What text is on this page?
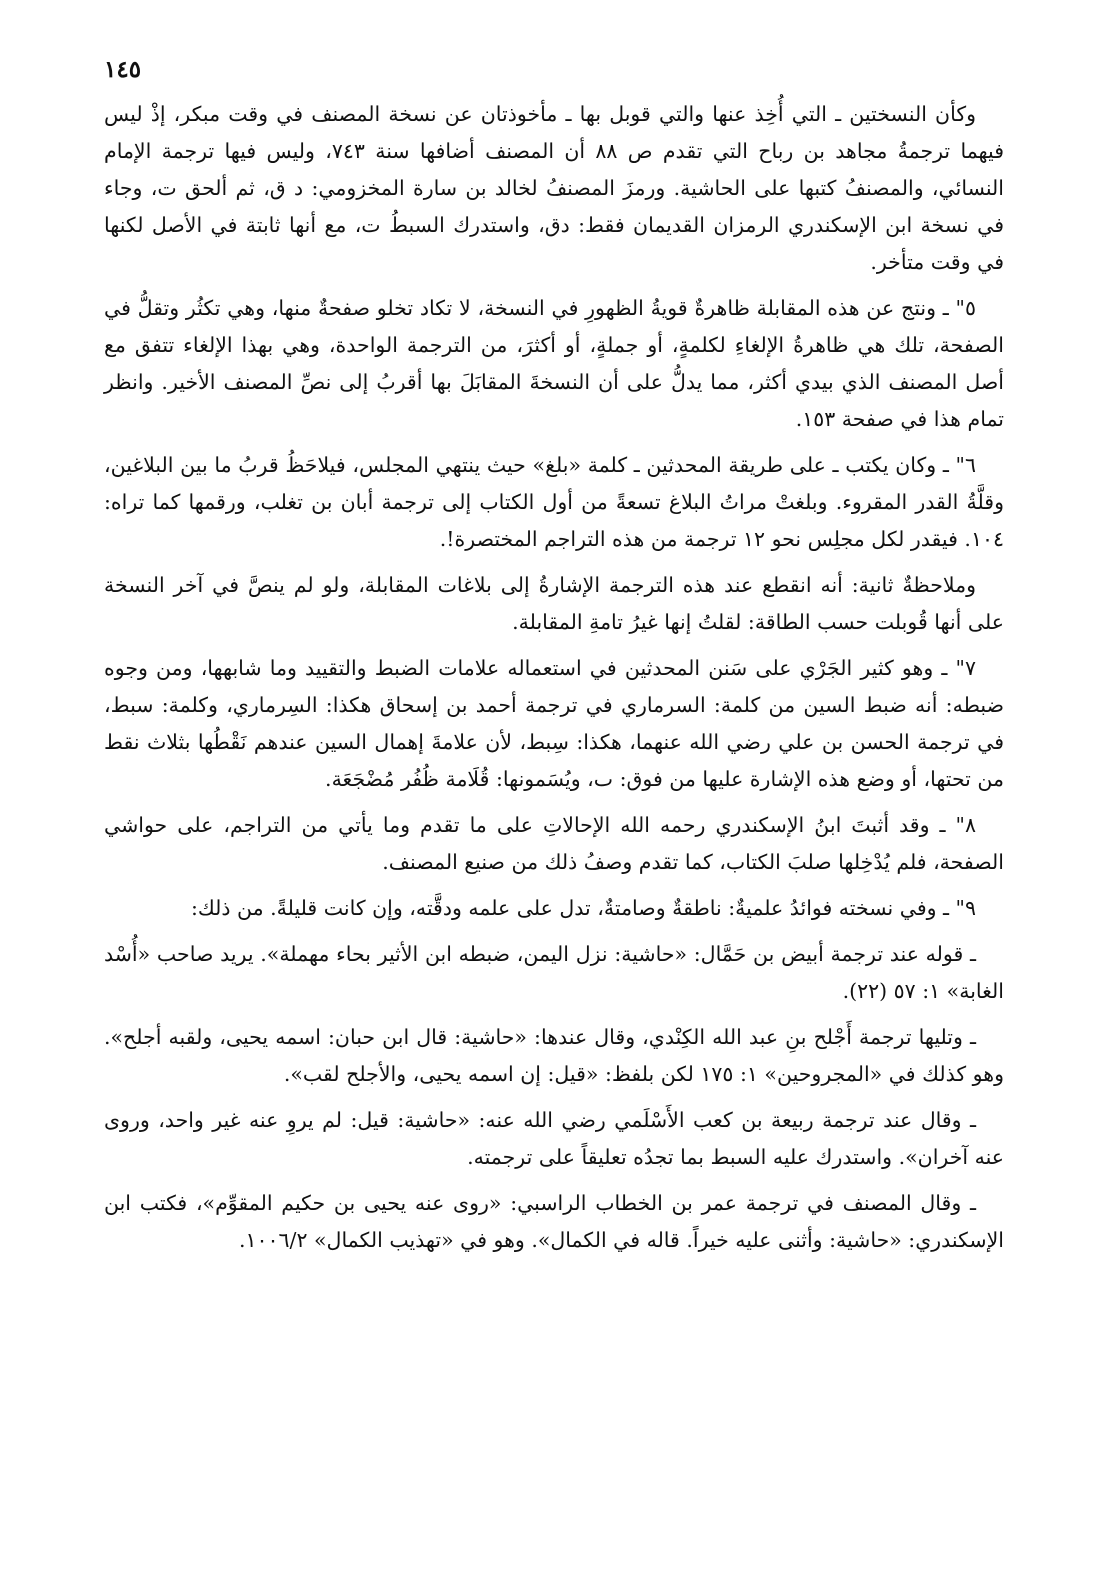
١٤٥

وكأن النسختين ـ التي أُخِذ عنها والتي قوبل بها ـ مأخوذتان عن نسخة المصنف في وقت مبكر، إذْ ليس فيهما ترجمةُ مجاهد بن رباح التي تقدم ص ٨٨ أن المصنف أضافها سنة ٧٤٣، وليس فيها ترجمة الإمام النسائي، والمصنفُ كتبها على الحاشية. ورمزَ المصنفُ لخالد بن سارة المخزومي: د ق، ثم ألحق ت، وجاء في نسخة ابن الإسكندري الرمزان القديمان فقط: دق، واستدرك السبطُ ت، مع أنها ثابتة في الأصل لكنها في وقت متأخر.

٥" ـ ونتج عن هذه المقابلة ظاهرةٌ قويةُ الظهورِ في النسخة، لا تكاد تخلو صفحةٌ منها، وهي تكثُر وتقلُّ في الصفحة، تلك هي ظاهرةُ الإلغاءِ لكلمةٍ، أو جملةٍ، أو أكثرَ، من الترجمة الواحدة، وهي بهذا الإلغاء تتفق مع أصل المصنف الذي بيدي أكثر، مما يدلُّ على أن النسخةَ المقابَلَ بها أقربُ إلى نصِّ المصنف الأخير. وانظر تمام هذا في صفحة ١٥٣.

٦" ـ وكان يكتب ـ على طريقة المحدثين ـ كلمة «بلغ» حيث ينتهي المجلس، فيلاحَظُ قربُ ما بين البلاغين، وقلَّةُ القدر المقروء. وبلغتْ مراتُ البلاغ تسعةً من أول الكتاب إلى ترجمة أبان بن تغلب، ورقمها كما تراه: ١٠٤. فيقدر لكل مجلِس نحو ١٢ ترجمة من هذه التراجم المختصرة!.

وملاحظةٌ ثانية: أنه انقطع عند هذه الترجمة الإشارةُ إلى بلاغات المقابلة، ولو لم ينصَّ في آخر النسخة على أنها قُوبلت حسب الطاقة: لقلتُ إنها غيرُ تامةِ المقابلة.

٧" ـ وهو كثير الجَرْي على سَنن المحدثين في استعماله علامات الضبط والتقييد وما شابهها، ومن وجوه ضبطه: أنه ضبط السين من كلمة: السرماري في ترجمة أحمد بن إسحاق هكذا: السِرماري، وكلمة: سبط، في ترجمة الحسن بن علي رضي الله عنهما، هكذا: سِبط، لأن علامةَ إهمال السين عندهم نَقْطُها بثلاث نقط من تحتها، أو وضع هذه الإشارة عليها من فوق: ٮ، ويُسَمونها: قُلَامة ظُفُر مُضْجَعَة.

٨" ـ وقد أثبتَ ابنُ الإسكندري رحمه الله الإحالاتِ على ما تقدم وما يأتي من التراجم، على حواشي الصفحة، فلم يُدْخِلها صلبَ الكتاب، كما تقدم وصفُ ذلك من صنيع المصنف.

٩" ـ وفي نسخته فوائدُ علميةٌ: ناطقةٌ وصامتةٌ، تدل على علمه ودقَّته، وإن كانت قليلةً. من ذلك:

ـ قوله عند ترجمة أبيض بن حَمَّال: «حاشية: نزل اليمن، ضبطه ابن الأثير بحاء مهملة». يريد صاحب «أُسْد الغابة» ١: ٥٧ (٢٢).

ـ وتليها ترجمة أَجْلح بنِ عبد الله الكِنْدي، وقال عندها: «حاشية: قال ابن حبان: اسمه يحيى، ولقبه أجلح». وهو كذلك في «المجروحين» ١: ١٧٥ لكن بلفظ: «قيل: إن اسمه يحيى، والأجلح لقب».

ـ وقال عند ترجمة ربيعة بن كعب الأَسْلَمي رضي الله عنه: «حاشية: قيل: لم يروِ عنه غير واحد، وروى عنه آخران». واستدرك عليه السبط بما تجدُه تعليقاً على ترجمته.

ـ وقال المصنف في ترجمة عمر بن الخطاب الراسبي: «روى عنه يحيى بن حكيم المقوِّم»، فكتب ابن الإسكندري: «حاشية: وأثنى عليه خيراً. قاله في الكمال». وهو في «تهذيب الكمال» ١٠٠٦/٢.
